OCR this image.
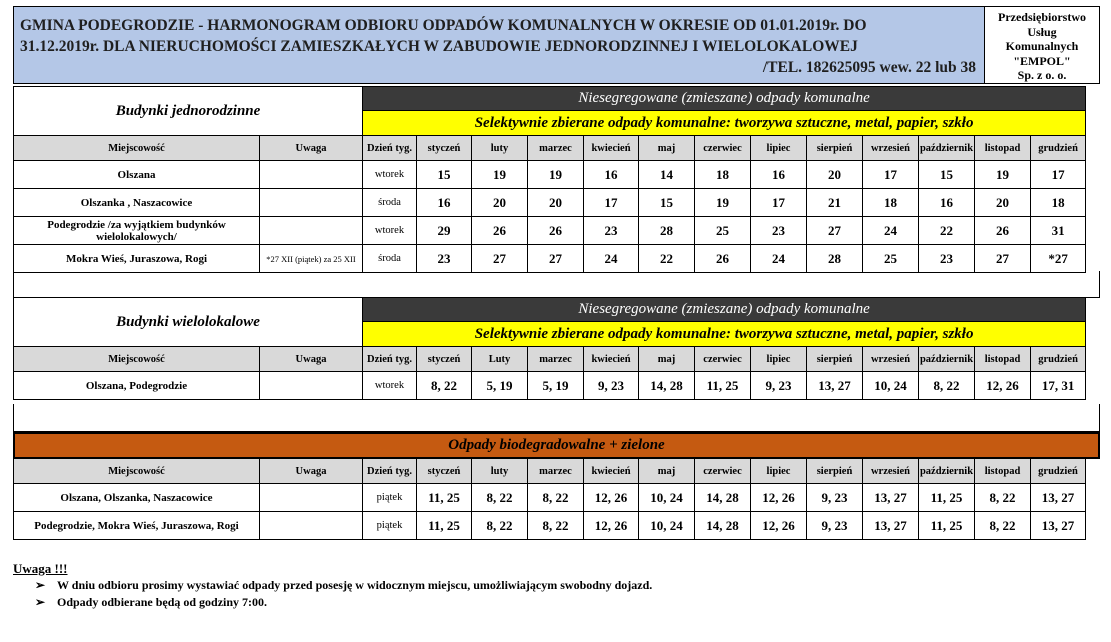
GMINA PODEGRODZIE - HARMONOGRAM ODBIORU ODPADÓW KOMUNALNYCH W OKRESIE OD 01.01.2019r. DO
31.12.2019r. DLA NIERUCHOMOŚCI ZAMIESZKAŁYCH W ZABUDOWIE JEDNORODZINNEJ I WIELOLOKALOWEJ
/TEL. 182625095 wew. 22 lub 38
Przedsiębiorstwo
Usług
Komunalnych
"EMPOL"
Sp. z o. o.
Budynki jednorodzinne		Niesegregowane (zmieszane) odpady komunalne												
		Selektywnie zbierane odpady komunalne: tworzywa sztuczne, metal, papier, szkło												
Miejscowość	Uwaga	Dzień tyg.	styczeń	luty	marzec	kwiecień	maj	czerwiec	lipiec	sierpień	wrzesień	październik	listopad	grudzień
Olszana		wtorek	15	19	19	16	14	18	16	20	17	15	19	17
Olszanka , Naszacowice		środa	16	20	20	17	15	19	17	21	18	16	20	18
Podegrodzie /za wyjątkiem budynków wielolokalowych/		wtorek	29	26	26	23	28	25	23	27	24	22	26	31
Mokra Wieś, Juraszowa, Rogi	*27 XII (piątek) za 25 XII	środa	23	27	27	24	22	26	24	28	25	23	27	*27
Budynki wielolokalowe		Niesegregowane (zmieszane) odpady komunalne												
		Selektywnie zbierane odpady komunalne: tworzywa sztuczne, metal, papier, szkło												
Miejscowość	Uwaga	Dzień tyg.	styczeń	Luty	marzec	kwiecień	maj	czerwiec	lipiec	sierpień	wrzesień	październik	listopad	grudzień
Olszana, Podegrodzie		wtorek	8, 22	5, 19	5, 19	9, 23	14, 28	11, 25	9, 23	13, 27	10, 24	8, 22	12, 26	17, 31
Odpady biodegradowalne + zielone
Miejscowość	Uwaga	Dzień tyg.	styczeń	luty	marzec	kwiecień	maj	czerwiec	lipiec	sierpień	wrzesień	październik	listopad	grudzień
Olszana, Olszanka, Naszacowice		piątek	11, 25	8, 22	8, 22	12, 26	10, 24	14, 28	12, 26	9, 23	13, 27	11, 25	8, 22	13, 27
Podegrodzie, Mokra Wieś, Juraszowa, Rogi		piątek	11, 25	8, 22	8, 22	12, 26	10, 24	14, 28	12, 26	9, 23	13, 27	11, 25	8, 22	13, 27
Uwaga !!!
➢ W dniu odbioru prosimy wystawiać odpady przed posesję w widocznym miejscu, umożliwiającym swobodny dojazd.
➢ Odpady odbierane będą od godziny 7:00.
